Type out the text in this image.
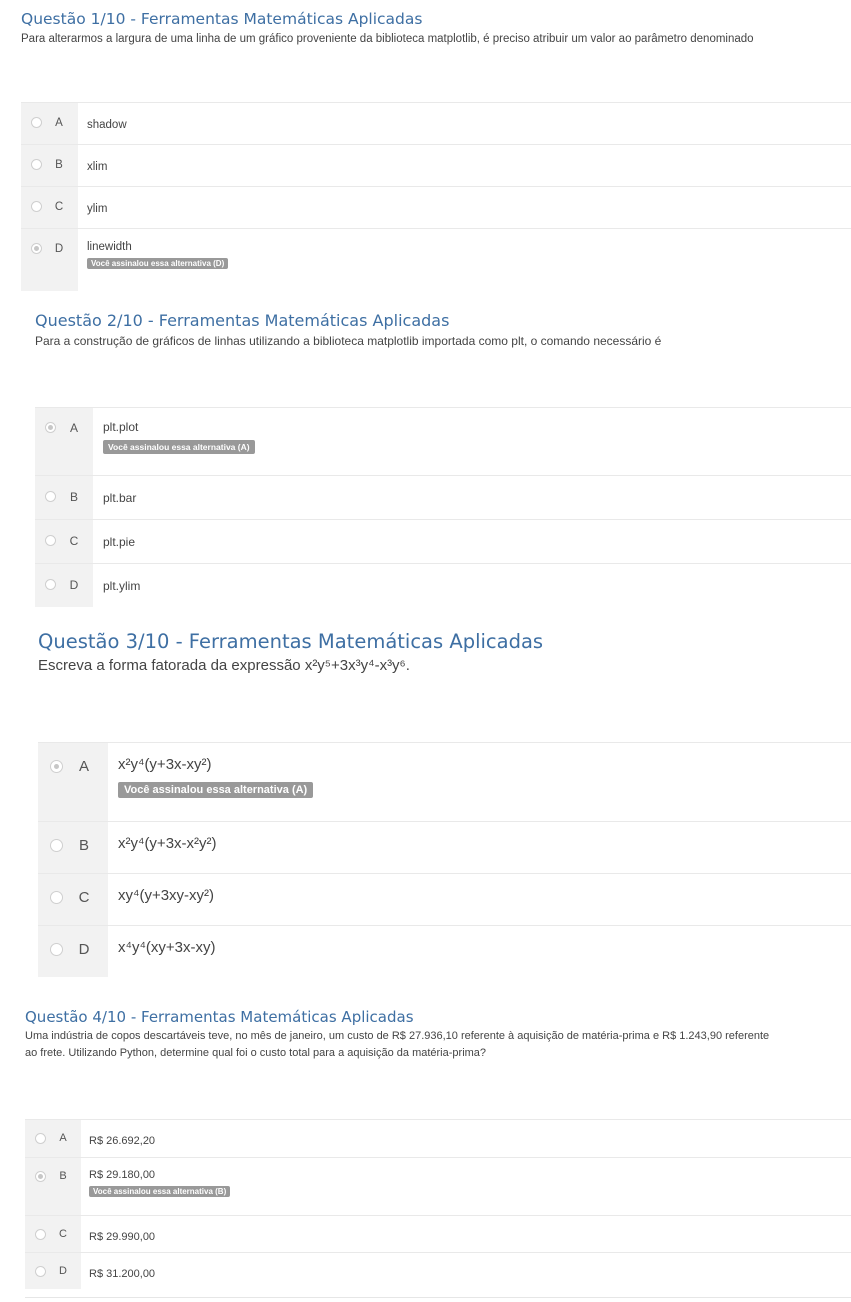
Questão 1/10 - Ferramentas Matemáticas Aplicadas
Para alterarmos a largura de uma linha de um gráfico proveniente da biblioteca matplotlib, é preciso atribuir um valor ao parâmetro denominado
A	shadow
B	xlim
C	ylim
D	linewidth
Você assinalou essa alternativa (D)
Questão 2/10 - Ferramentas Matemáticas Aplicadas
Para a construção de gráficos de linhas utilizando a biblioteca matplotlib importada como plt, o comando necessário é
A	plt.plot
Você assinalou essa alternativa (A)
B	plt.bar
C	plt.pie
D	plt.ylim
Questão 3/10 - Ferramentas Matemáticas Aplicadas
Escreva a forma fatorada da expressão x²y⁵+3x³y⁴-x³y⁶.
A	x²y⁴(y+3x-xy²)
Você assinalou essa alternativa (A)
B	x²y⁴(y+3x-x²y²)
C	xy⁴(y+3xy-xy²)
D	x⁴y⁴(xy+3x-xy)
Questão 4/10 - Ferramentas Matemáticas Aplicadas
Uma indústria de copos descartáveis teve, no mês de janeiro, um custo de R$ 27.936,10 referente à aquisição de matéria-prima e R$ 1.243,90 referente
ao frete. Utilizando Python, determine qual foi o custo total para a aquisição da matéria-prima?
A	R$ 26.692,20
B	R$ 29.180,00
Você assinalou essa alternativa (B)
C	R$ 29.990,00
D	R$ 31.200,00
